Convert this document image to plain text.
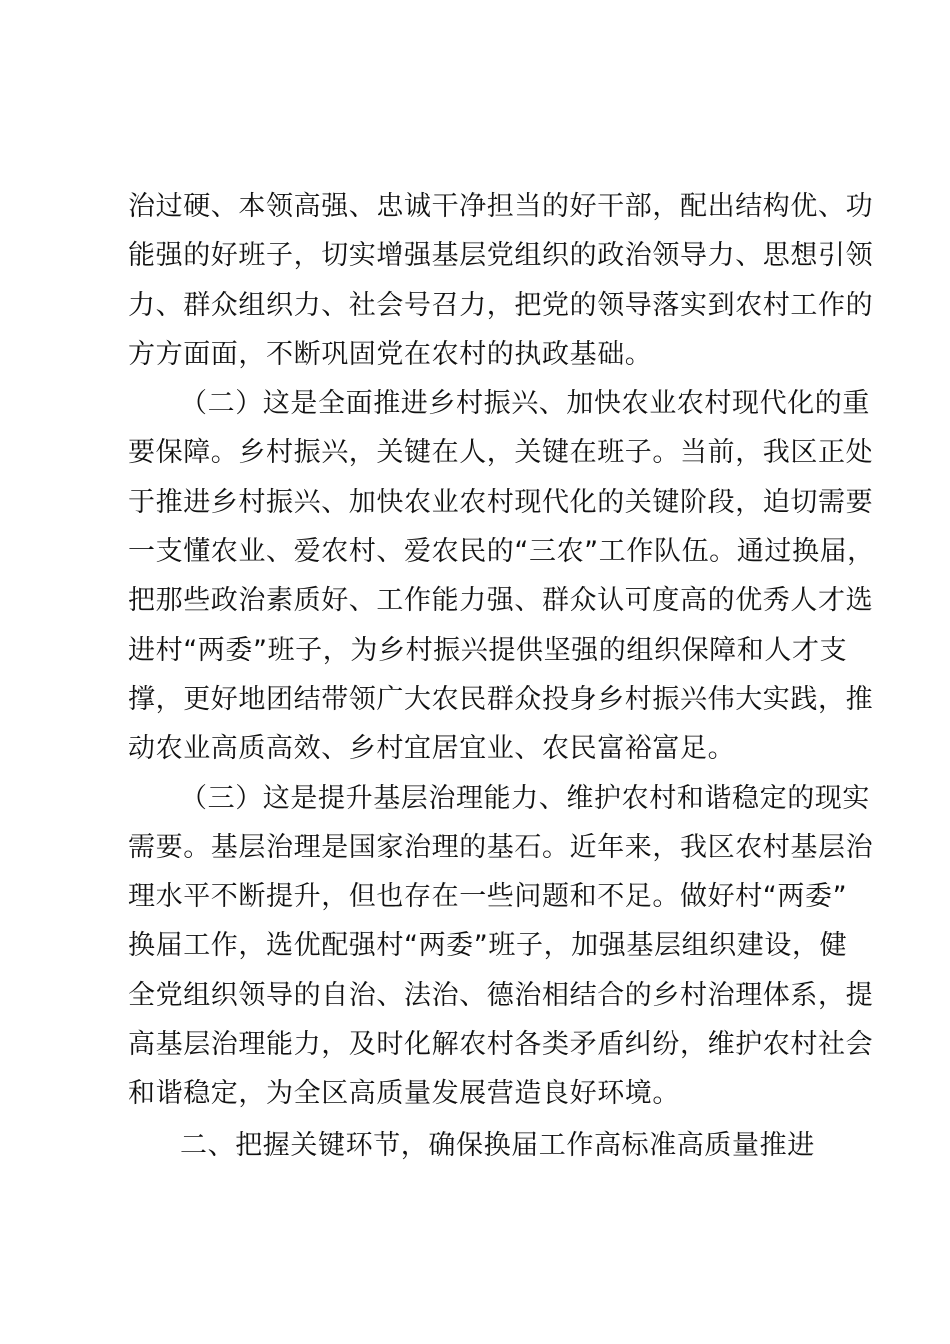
治过硬、本领高强、忠诚干净担当的好干部，配出结构优、功
能强的好班子，切实增强基层党组织的政治领导力、思想引领
力、群众组织力、社会号召力，把党的领导落实到农村工作的
方方面面，不断巩固党在农村的执政基础。
（二）这是全面推进乡村振兴、加快农业农村现代化的重
要保障。乡村振兴，关键在人，关键在班子。当前，我区正处
于推进乡村振兴、加快农业农村现代化的关键阶段，迫切需要
一支懂农业、爱农村、爱农民的“三农”工作队伍。通过换届，
把那些政治素质好、工作能力强、群众认可度高的优秀人才选
进村“两委”班子，为乡村振兴提供坚强的组织保障和人才支
撑，更好地团结带领广大农民群众投身乡村振兴伟大实践，推
动农业高质高效、乡村宜居宜业、农民富裕富足。
（三）这是提升基层治理能力、维护农村和谐稳定的现实
需要。基层治理是国家治理的基石。近年来，我区农村基层治
理水平不断提升，但也存在一些问题和不足。做好村“两委”
换届工作，选优配强村“两委”班子，加强基层组织建设，健
全党组织领导的自治、法治、德治相结合的乡村治理体系，提
高基层治理能力，及时化解农村各类矛盾纠纷，维护农村社会
和谐稳定，为全区高质量发展营造良好环境。
二、把握关键环节，确保换届工作高标准高质量推进
